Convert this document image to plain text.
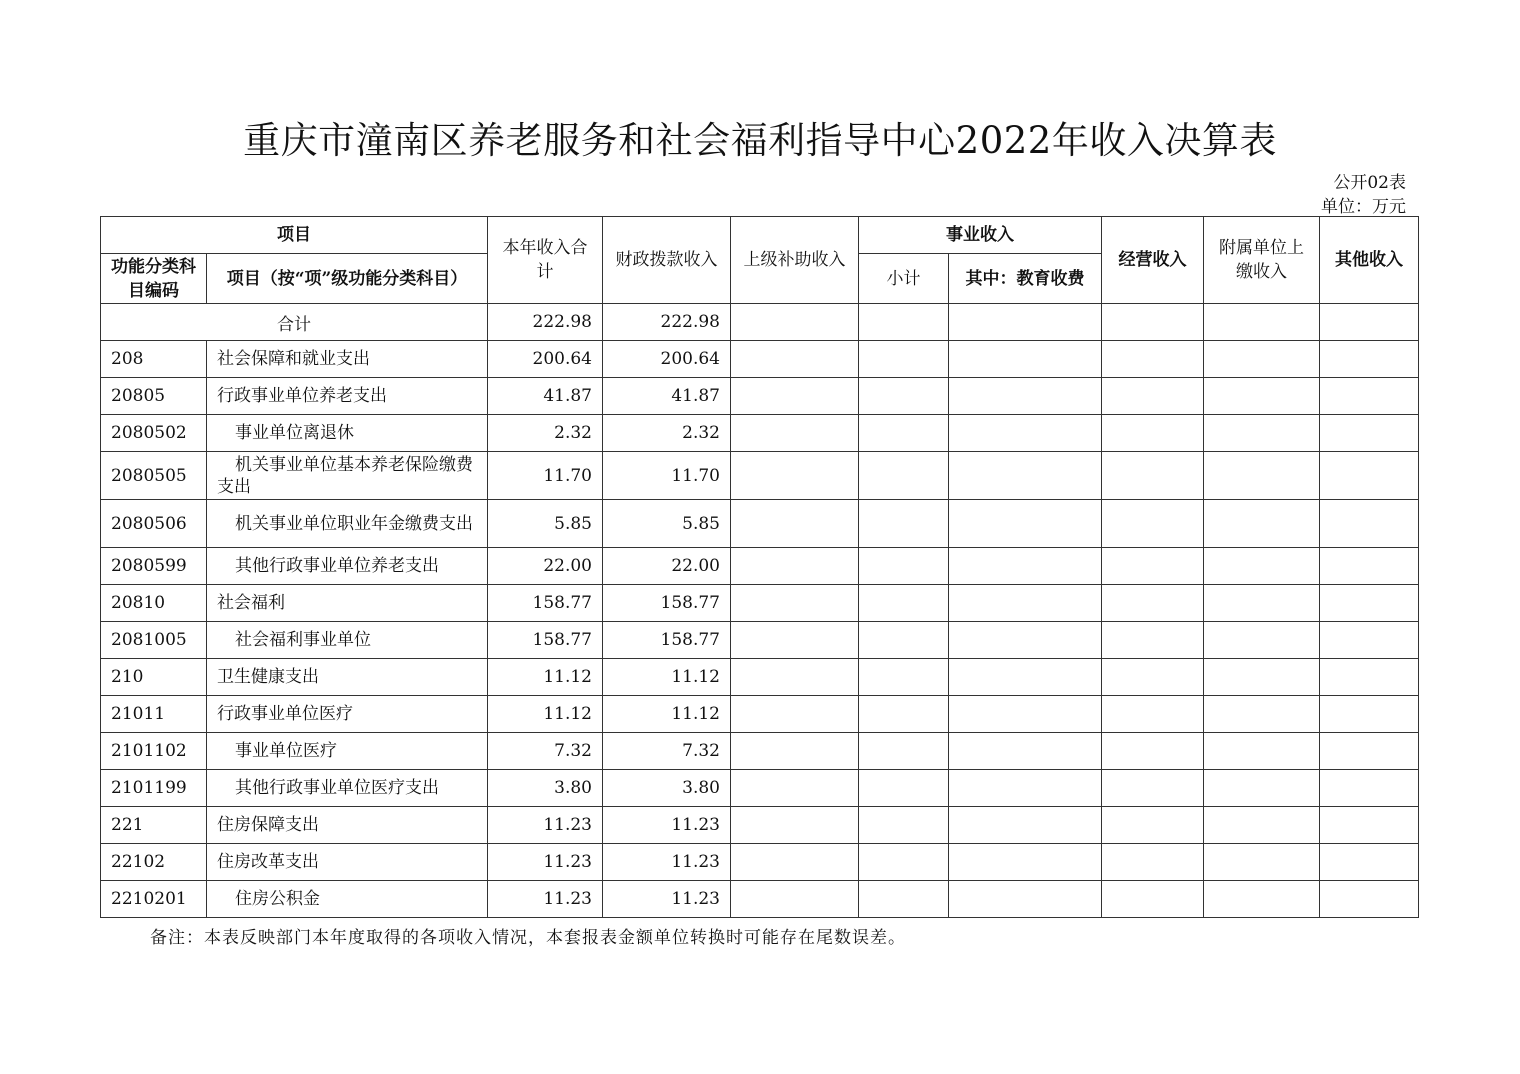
重庆市潼南区养老服务和社会福利指导中心2022年收入决算表
公开02表
单位：万元
项目		本年收入合计	财政拨款收入	上级补助收入	事业收入		经营收入	附属单位上缴收入	其他收入
功能分类科目编码	项目（按“项”级功能分类科目）				小计	其中：教育收费			
合计		222.98	222.98						
208	社会保障和就业支出	200.64	200.64						
20805	行政事业单位养老支出	41.87	41.87						
2080502	事业单位离退休	2.32	2.32						
2080505	机关事业单位基本养老保险缴费支出	11.70	11.70						
2080506	机关事业单位职业年金缴费支出	5.85	5.85						
2080599	其他行政事业单位养老支出	22.00	22.00						
20810	社会福利	158.77	158.77						
2081005	社会福利事业单位	158.77	158.77						
210	卫生健康支出	11.12	11.12						
21011	行政事业单位医疗	11.12	11.12						
2101102	事业单位医疗	7.32	7.32						
2101199	其他行政事业单位医疗支出	3.80	3.80						
221	住房保障支出	11.23	11.23						
22102	住房改革支出	11.23	11.23						
2210201	住房公积金	11.23	11.23						
备注：本表反映部门本年度取得的各项收入情况，本套报表金额单位转换时可能存在尾数误差。
